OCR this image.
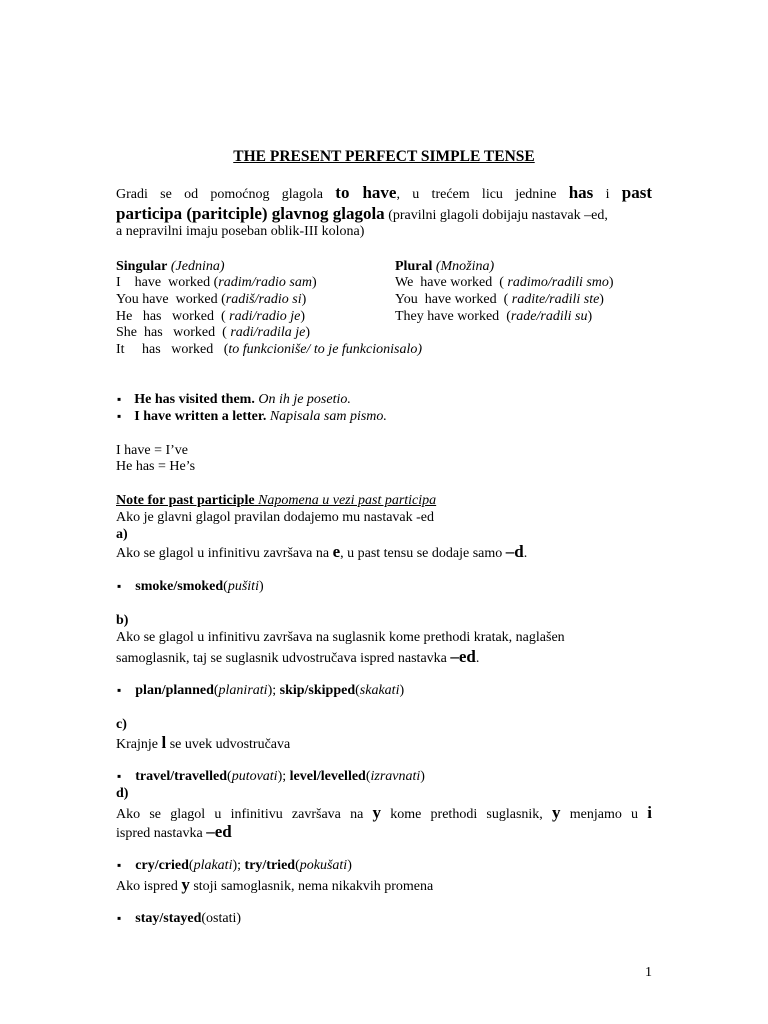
THE PRESENT PERFECT SIMPLE TENSE
Gradi se od pomoćnog glagola to have, u trećem licu jednine has i past
participa (paritciple) glavnog glagola (pravilni glagoli dobijaju nastavak –ed,
a nepravilni imaju poseban oblik-III kolona)
Singular (Jednina)
I    have  worked (radim/radio sam)
You have  worked (radiš/radio si)
He   has   worked  ( radi/radio je)
She  has   worked  ( radi/radila je)
It     has   worked   (to funkcioniše/ to je funkcionisalo)
Plural (Množina)
We  have worked  ( radimo/radili smo)
You  have worked  ( radite/radili ste)
They have worked  (rade/radili su)
▪ He has visited them. On ih je posetio.
▪ I have written a letter. Napisala sam pismo.
I have = I’ve
He has = He’s
Note for past participle Napomena u vezi past participa
Ako je glavni glagol pravilan dodajemo mu nastavak -ed
a)
Ako se glagol u infinitivu završava na e, u past tensu se dodaje samo –d.
▪ smoke/smoked(pušiti)
b)
Ako se glagol u infinitivu završava na suglasnik kome prethodi kratak, naglašen
samoglasnik, taj se suglasnik udvostručava ispred nastavka –ed.
▪ plan/planned(planirati); skip/skipped(skakati)
c)
Krajnje l se uvek udvostručava
▪ travel/travelled(putovati); level/levelled(izravnati)
d)
Ako se glagol u infinitivu završava na y kome prethodi suglasnik, y menjamo u i
ispred nastavka –ed
▪ cry/cried(plakati); try/tried(pokušati)
Ako ispred y stoji samoglasnik, nema nikakvih promena
▪ stay/stayed(ostati)
1
